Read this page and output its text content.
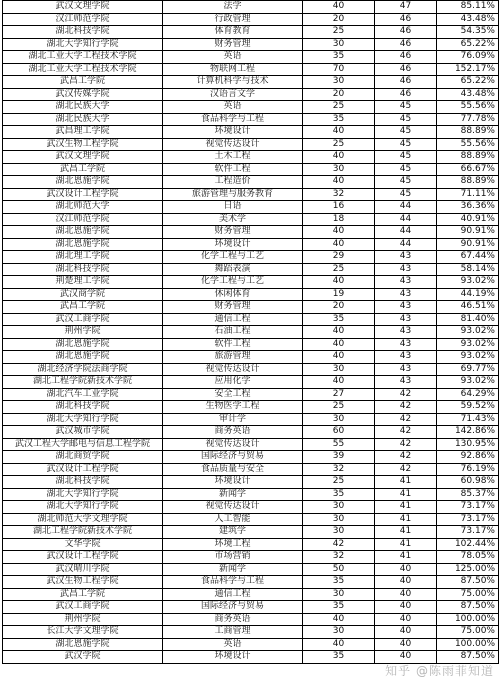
武汉文理学院	法学	40	47	85.11%
汉江师范学院	行政管理	20	46	43.48%
湖北科技学院	体育教育	25	46	54.35%
湖北大学知行学院	财务管理	30	46	65.22%
湖北工业大学工程技术学院	英语	35	46	76.09%
湖北工业大学工程技术学院	物联网工程	70	46	152.17%
武昌工学院	计算机科学与技术	30	46	65.22%
武汉传媒学院	汉语言文学	20	46	43.48%
湖北民族大学	英语	25	45	55.56%
湖北民族大学	食品科学与工程	35	45	77.78%
武昌理工学院	环境设计	40	45	88.89%
武汉生物工程学院	视觉传达设计	25	45	55.56%
武汉文理学院	土木工程	40	45	88.89%
武昌工学院	软件工程	30	45	66.67%
湖北恩施学院	工程造价	40	45	88.89%
武汉设计工程学院	旅游管理与服务教育	32	45	71.11%
湖北师范大学	日语	16	44	36.36%
汉江师范学院	美术学	18	44	40.91%
湖北恩施学院	财务管理	40	44	90.91%
湖北恩施学院	环境设计	40	44	90.91%
湖北理工学院	化学工程与工艺	29	43	67.44%
湖北科技学院	舞蹈表演	25	43	58.14%
荆楚理工学院	化学工程与工艺	40	43	93.02%
武汉商学院	休闲体育	19	43	44.19%
武昌工学院	财务管理	20	43	46.51%
武汉工商学院	通信工程	35	43	81.40%
荆州学院	石油工程	40	43	93.02%
湖北恩施学院	软件工程	40	43	93.02%
湖北恩施学院	旅游管理	40	43	93.02%
湖北经济学院法商学院	视觉传达设计	30	43	69.77%
湖北工程学院新技术学院	应用化学	40	43	93.02%
湖北汽车工业学院	安全工程	27	42	64.29%
湖北科技学院	生物医学工程	25	42	59.52%
湖北大学知行学院	审计学	30	42	71.43%
武汉城市学院	商务英语	60	42	142.86%
武汉工程大学邮电与信息工程学院	视觉传达设计	55	42	130.95%
湖北商贸学院	国际经济与贸易	39	42	92.86%
武汉设计工程学院	食品质量与安全	32	42	76.19%
湖北科技学院	环境设计	25	41	60.98%
湖北大学知行学院	新闻学	35	41	85.37%
湖北大学知行学院	视觉传达设计	30	41	73.17%
湖北师范大学文理学院	人工智能	30	41	73.17%
湖北工程学院新技术学院	建筑学	30	41	73.17%
文华学院	环境工程	42	41	102.44%
武汉设计工程学院	市场营销	32	41	78.05%
武汉晴川学院	新闻学	50	40	125.00%
武汉生物工程学院	食品科学与工程	35	40	87.50%
武昌工学院	通信工程	30	40	75.00%
武汉工商学院	国际经济与贸易	35	40	87.50%
荆州学院	商务英语	40	40	100.00%
长江大学文理学院	工商管理	30	40	75.00%
湖北恩施学院	英语	40	40	100.00%
武汉学院	环境设计	35	40	87.50%
知乎 @陈雨菲知道
